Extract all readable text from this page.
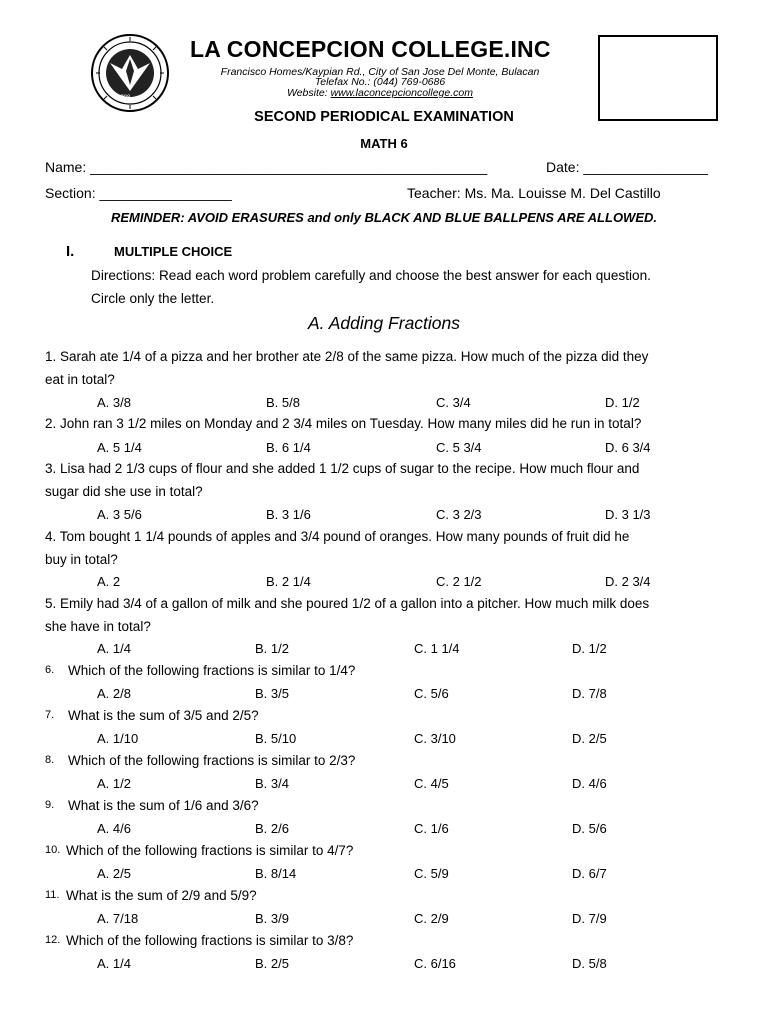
1998
LA CONCEPCION COLLEGE.INC
Francisco Homes/Kaypian Rd., City of San Jose Del Monte, Bulacan
Telefax No.: (044) 769-0686
Website: www.laconcepcioncollege.com
SECOND PERIODICAL EXAMINATION
MATH 6
Name: ___________________________________________________	Date: ________________
Section: _________________	Teacher: Ms. Ma. Louisse M. Del Castillo
REMINDER: AVOID ERASURES and only BLACK AND BLUE BALLPENS ARE ALLOWED.
I.	MULTIPLE CHOICE
Directions: Read each word problem carefully and choose the best answer for each question.
Circle only the letter.
A. Adding Fractions
1. Sarah ate 1/4 of a pizza and her brother ate 2/8 of the same pizza. How much of the pizza did they
eat in total?
A. 3/8	B. 5/8	C. 3/4	D. 1/2
2. John ran 3 1/2 miles on Monday and 2 3/4 miles on Tuesday. How many miles did he run in total?
A. 5 1/4	B. 6 1/4	C. 5 3/4	D. 6 3/4
3. Lisa had 2 1/3 cups of flour and she added 1 1/2 cups of sugar to the recipe. How much flour and
sugar did she use in total?
A. 3 5/6	B. 3 1/6	C. 3 2/3	D. 3 1/3
4. Tom bought 1 1/4 pounds of apples and 3/4 pound of oranges. How many pounds of fruit did he
buy in total?
A. 2	B. 2 1/4	C. 2 1/2	D. 2 3/4
5. Emily had 3/4 of a gallon of milk and she poured 1/2 of a gallon into a pitcher. How much milk does
she have in total?
A. 1/4	B. 1/2	C. 1 1/4	D. 1/2
6. Which of the following fractions is similar to 1/4?
A. 2/8	B. 3/5	C. 5/6	D. 7/8
7. What is the sum of 3/5 and 2/5?
A. 1/10	B. 5/10	C. 3/10	D. 2/5
8. Which of the following fractions is similar to 2/3?
A. 1/2	B. 3/4	C. 4/5	D. 4/6
9. What is the sum of 1/6 and 3/6?
A. 4/6	B. 2/6	C. 1/6	D. 5/6
10. Which of the following fractions is similar to 4/7?
A. 2/5	B. 8/14	C. 5/9	D. 6/7
11. What is the sum of 2/9 and 5/9?
A. 7/18	B. 3/9	C. 2/9	D. 7/9
12. Which of the following fractions is similar to 3/8?
A. 1/4	B. 2/5	C. 6/16	D. 5/8
